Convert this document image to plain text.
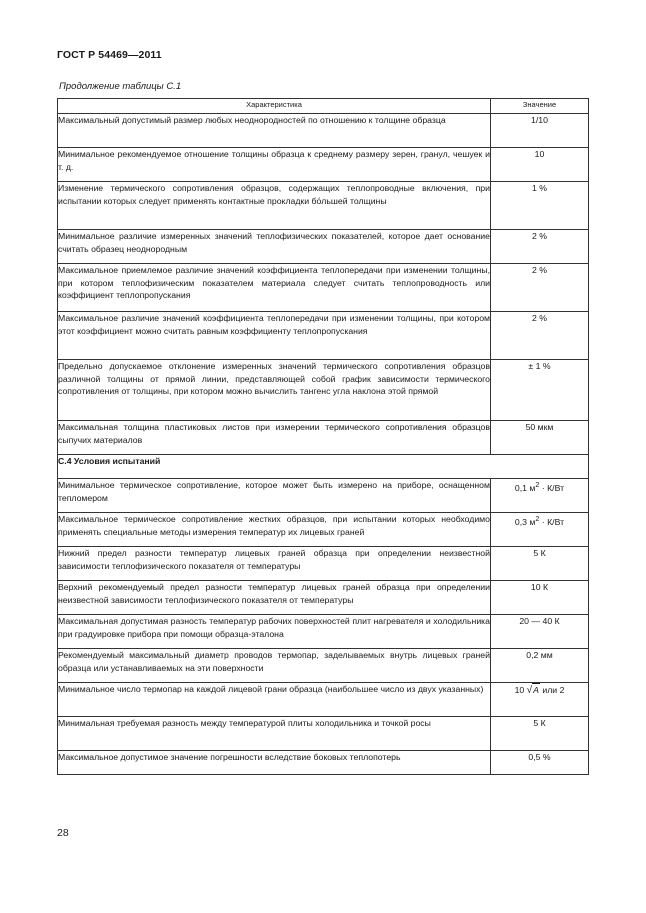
ГОСТ Р 54469—2011
Продолжение таблицы С.1
Характеристика	Значение
Максимальный допустимый размер любых неоднородностей по отношению к толщине образца	1/10
Минимальное рекомендуемое отношение толщины образца к среднему размеру зерен, гранул, чешуек и т. д.	10
Изменение термического сопротивления образцов, содержащих теплопроводные включения, при испытании которых следует применять контактные прокладки бόльшей толщины	1 %
Минимальное различие измеренных значений теплофизических показателей, которое дает основание считать образец неоднородным	2 %
Максимальное приемлемое различие значений коэффициента теплопередачи при изменении толщины, при котором теплофизическим показателем материала следует считать теплопроводность или коэффициент теплопропускания	2 %
Максимальное различие значений коэффициента теплопередачи при изменении толщины, при котором этот коэффициент можно считать равным коэффициенту теплопропускания	2 %
Предельно допускаемое отклонение измеренных значений термического сопротивления образцов различной толщины от прямой линии, представляющей собой график зависимости термического сопротивления от толщины, при котором можно вычислить тангенс угла наклона этой прямой	± 1 %
Максимальная толщина пластиковых листов при измерении термического сопротивления образцов сыпучих материалов	50 мкм
С.4 Условия испытаний	
Минимальное термическое сопротивление, которое может быть измерено на приборе, оснащенном тепломером	0,1 $м^2 \cdot К/Вт$
Максимальное термическое сопротивление жестких образцов, при испытании которых необходимо применять специальные методы измерения температур их лицевых граней	0,3 $м^2 \cdot К/Вт$
Нижний предел разности температур лицевых граней образца при определении неизвестной зависимости теплофизического показателя от температуры	5 К
Верхний рекомендуемый предел разности температур лицевых граней образца при определении неизвестной зависимости теплофизического показателя от температуры	10 К
Максимальная допустимая разность температур рабочих поверхностей плит нагревателя и холодильника при градуировке прибора при помощи образца-эталона	20 — 40 К
Рекомендуемый максимальный диаметр проводов термопар, заделываемых внутрь лицевых граней образца или устанавливаемых на эти поверхности	0,2 мм
Минимальное число термопар на каждой лицевой грани образца (наибольшее число из двух указанных)	10 √A или 2
Минимальная требуемая разность между температурой плиты холодильника и точкой росы	5 К
Максимальное допустимое значение погрешности вследствие боковых теплопотерь	0,5 %
28
